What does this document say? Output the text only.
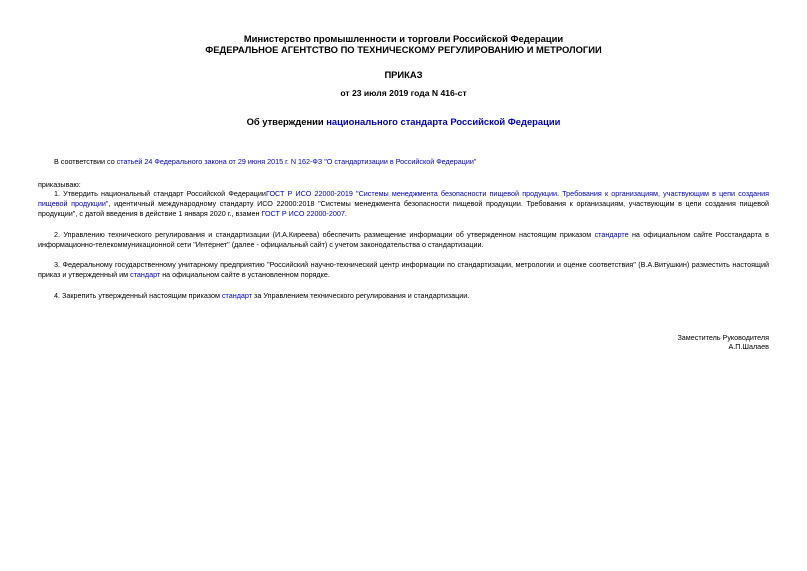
Министерство промышленности и торговли Российской Федерации
ФЕДЕРАЛЬНОЕ АГЕНТСТВО ПО ТЕХНИЧЕСКОМУ РЕГУЛИРОВАНИЮ И МЕТРОЛОГИИ
ПРИКАЗ
от 23 июля 2019 года N 416-ст
Об утверждении национального стандарта Российской Федерации
В соответствии со статьей 24 Федерального закона от 29 июня 2015 г. N 162-ФЗ "О стандартизации в Российской Федерации"
приказываю:
1. Утвердить национальный стандарт Российской ФедерацииГОСТ Р ИСО 22000-2019 "Системы менеджмента безопасности пищевой продукции. Требования к организациям, участвующим в цепи создания пищевой продукции", идентичный международному стандарту ИСО 22000:2018 "Системы менеджмента безопасности пищевой продукции. Требования к организациям, участвующим в цепи создания пищевой продукции", с датой введения в действие 1 января 2020 г., взамен ГОСТ Р ИСО 22000-2007.
2. Управлению технического регулирования и стандартизации (И.А.Киреева) обеспечить размещение информации об утвержденном настоящим приказом стандарте на официальном сайте Росстандарта в информационно-телекоммуникационной сети "Интернет" (далее - официальный сайт) с учетом законодательства о стандартизации.
3. Федеральному государственному унитарному предприятию "Российский научно-технический центр информации по стандартизации, метрологии и оценке соответствия" (В.А.Витушкин) разместить настоящий приказ и утвержденный им стандарт на официальном сайте в установленном порядке.
4. Закрепить утвержденный настоящим приказом стандарт за Управлением технического регулирования и стандартизации.
Заместитель Руководителя
А.П.Шалаев
